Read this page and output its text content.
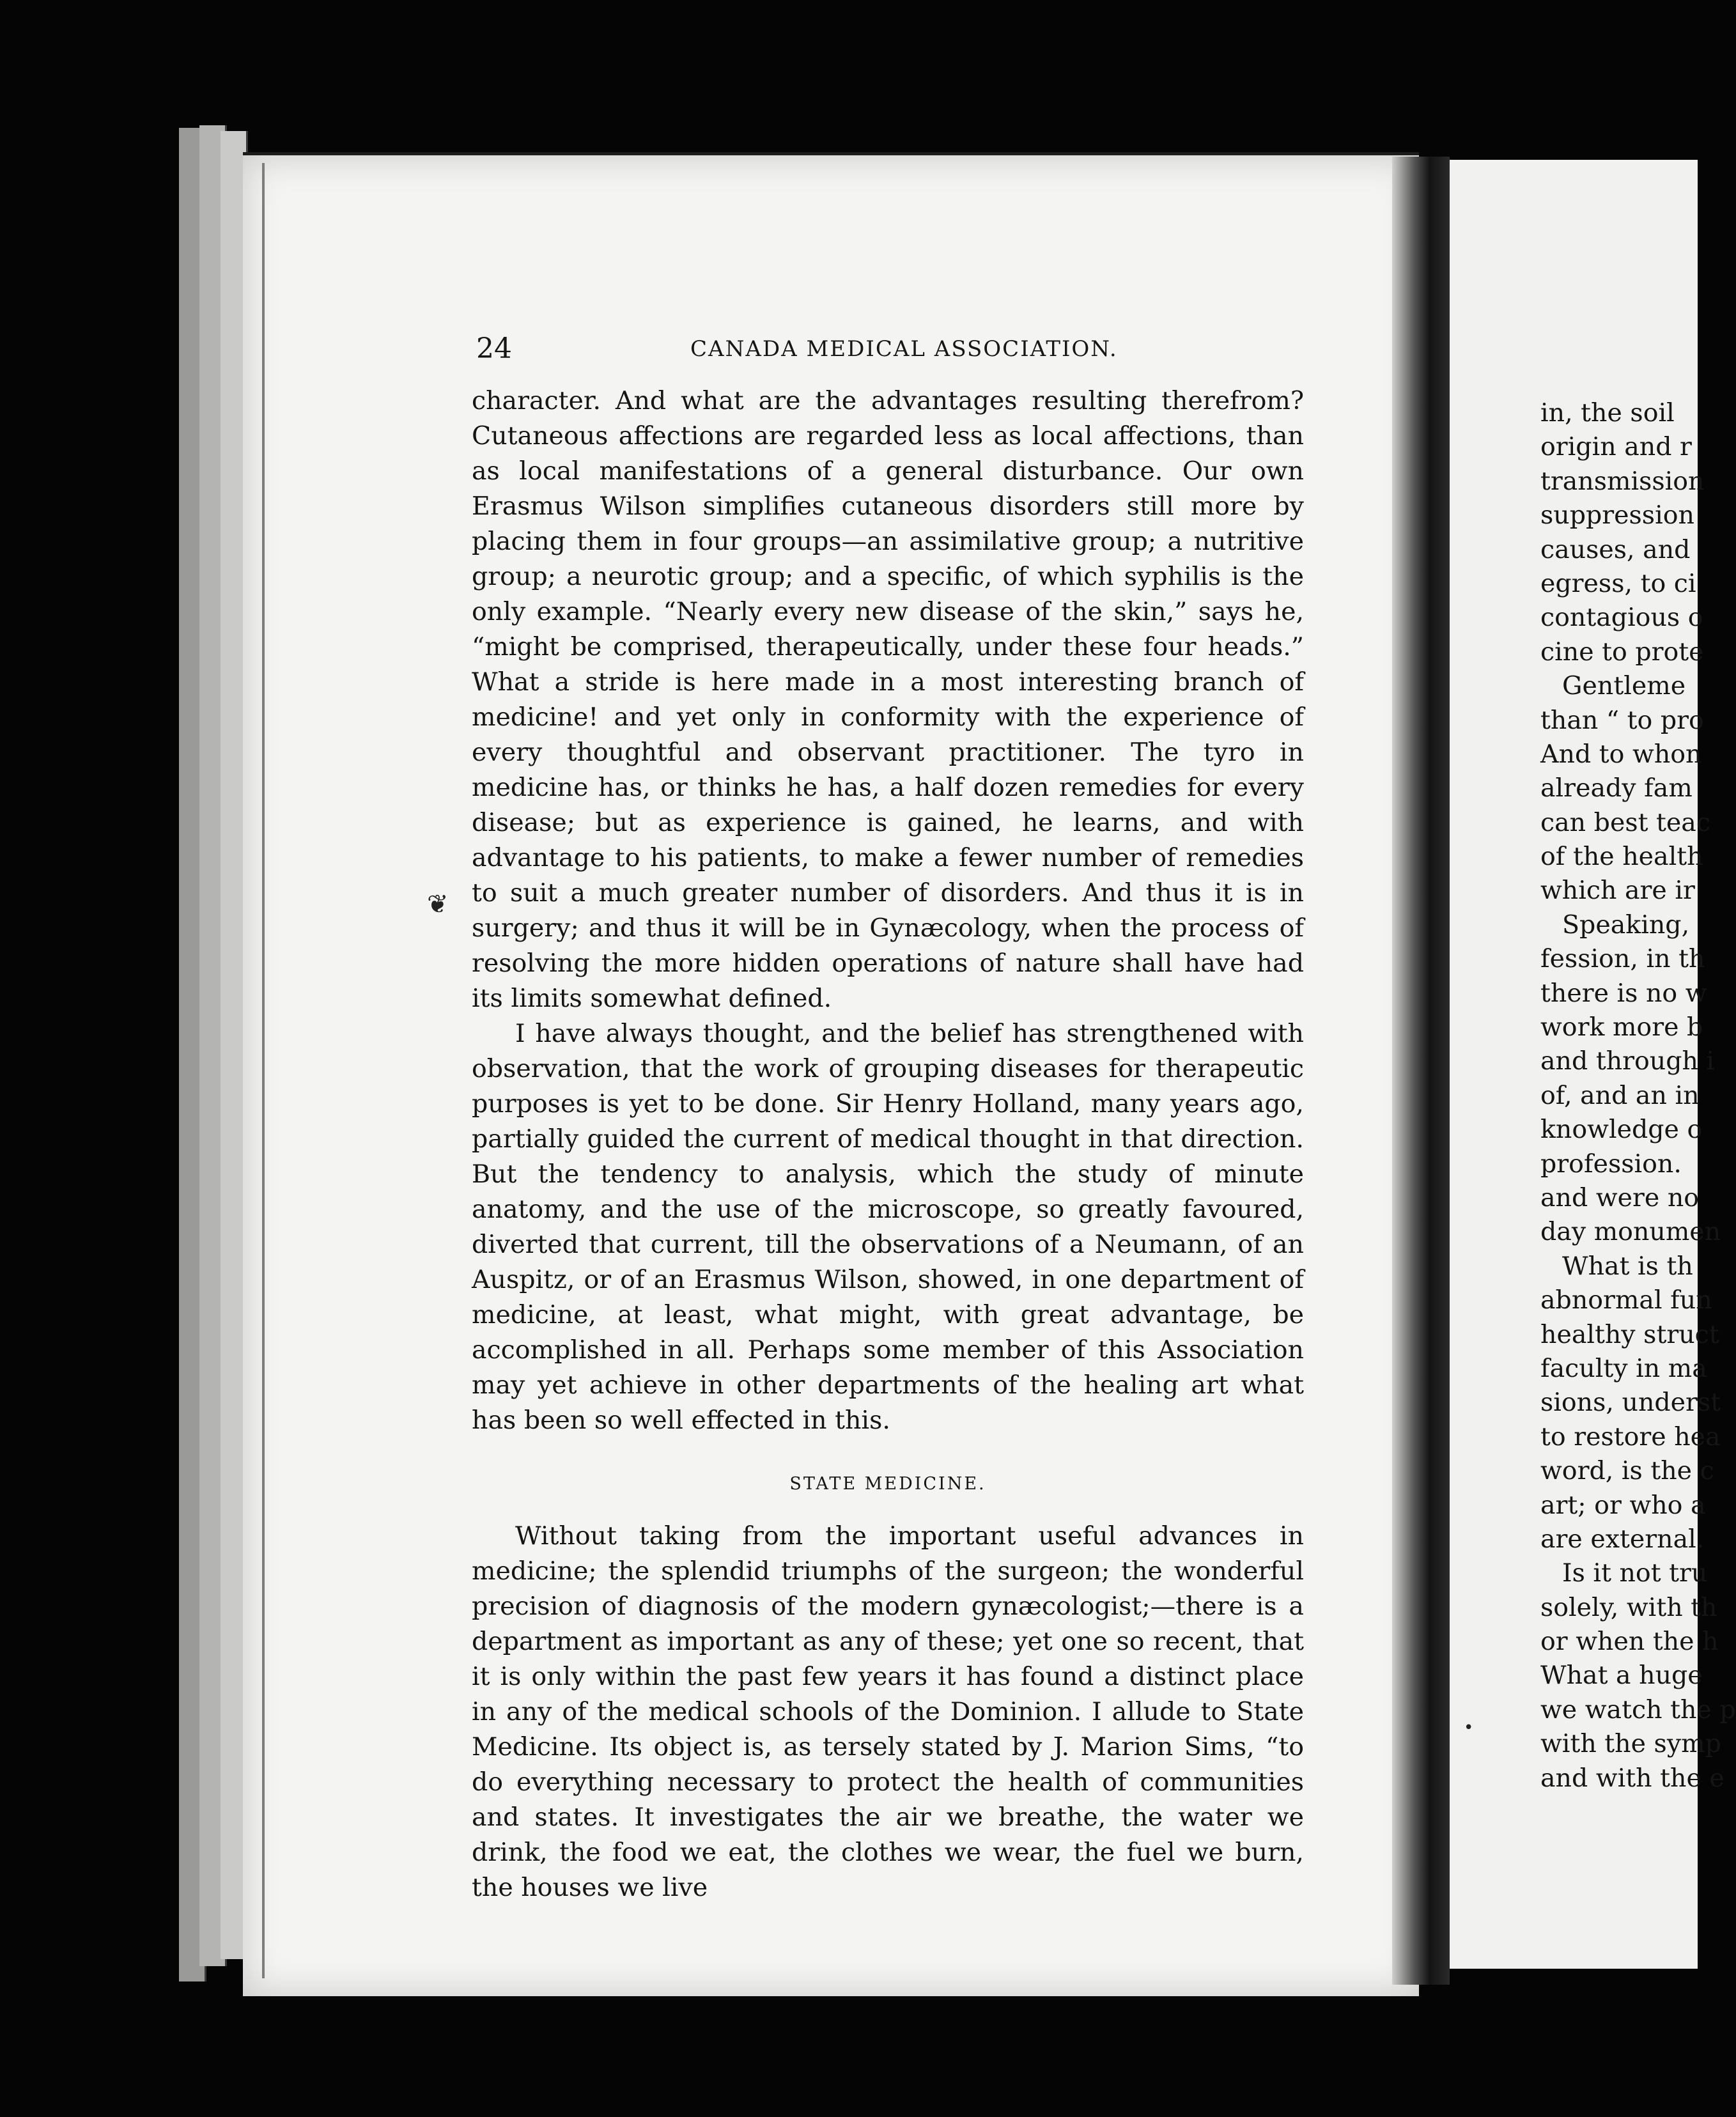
24	CANADA MEDICAL ASSOCIATION.

character. And what are the advantages resulting therefrom? Cutaneous affections are regarded less as local affections, than as local manifestations of a general disturbance. Our own Erasmus Wilson simplifies cutaneous disorders still more by placing them in four groups—an assimilative group; a nutritive group; a neurotic group; and a specific, of which syphilis is the only example. “Nearly every new disease of the skin,” says he, “might be comprised, therapeutically, under these four heads.” What a stride is here made in a most interesting branch of medicine! and yet only in conformity with the experience of every thoughtful and observant practitioner. The tyro in medicine has, or thinks he has, a half dozen remedies for every disease; but as experience is gained, he learns, and with advantage to his patients, to make a fewer number of remedies to suit a much greater number of disorders. And thus it is in surgery; and thus it will be in Gynæcology, when the process of resolving the more hidden operations of nature shall have had its limits somewhat defined.

I have always thought, and the belief has strengthened with observation, that the work of grouping diseases for therapeutic purposes is yet to be done. Sir Henry Holland, many years ago, partially guided the current of medical thought in that direction. But the tendency to analysis, which the study of minute anatomy, and the use of the microscope, so greatly favoured, diverted that current, till the observations of a Neumann, of an Auspitz, or of an Erasmus Wilson, showed, in one department of medicine, at least, what might, with great advantage, be accomplished in all. Perhaps some member of this Association may yet achieve in other departments of the healing art what has been so well effected in this.

STATE MEDICINE.

Without taking from the important useful advances in medicine; the splendid triumphs of the surgeon; the wonderful precision of diagnosis of the modern gynæcologist;—there is a department as important as any of these; yet one so recent, that it is only within the past few years it has found a distinct place in any of the medical schools of the Dominion. I allude to State Medicine. Its object is, as tersely stated by J. Marion Sims, “to do everything necessary to protect the health of communities and states. It investigates the air we breathe, the water we drink, the food we eat, the clothes we wear, the fuel we burn, the houses we live

in, the soil
origin and r
transmission
suppression
causes, and
egress, to ci
contagious o
cine to prote
Gentleme
than “ to pro
And to whon
already fam
can best teac
of the health
which are ir
Speaking,
fession, in th
there is no w
work more b
and through i
of, and an in
knowledge o
profession.
and were no
day monumen
What is th
abnormal fun
healthy struct
faculty in ma
sions, underst
to restore hea
word, is the c
art; or who a
are external.
Is it not tru
solely, with th
or when the h
What a huge
we watch the p
with the symp
and with the e
❦
•
